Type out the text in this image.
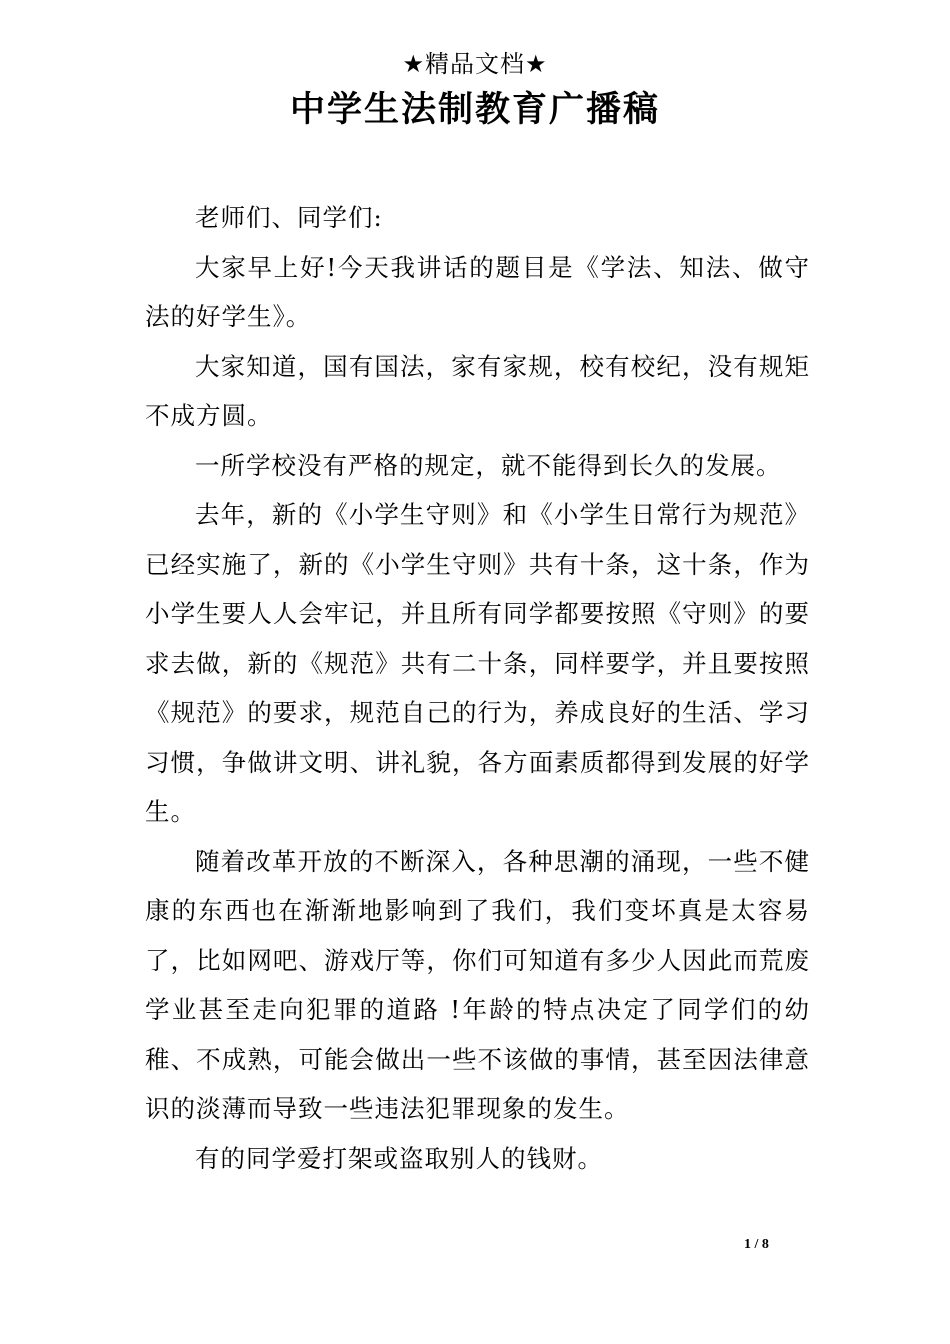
★精品文档★
中学生法制教育广播稿

老师们、同学们:

大家早上好!今天我讲话的题目是《学法、知法、做守法的好学生》。

大家知道，国有国法，家有家规，校有校纪，没有规矩不成方圆。

一所学校没有严格的规定，就不能得到长久的发展。

去年，新的《小学生守则》和《小学生日常行为规范》已经实施了，新的《小学生守则》共有十条，这十条，作为小学生要人人会牢记，并且所有同学都要按照《守则》的要求去做，新的《规范》共有二十条，同样要学，并且要按照《规范》的要求，规范自己的行为，养成良好的生活、学习习惯，争做讲文明、讲礼貌，各方面素质都得到发展的好学生。

随着改革开放的不断深入，各种思潮的涌现，一些不健康的东西也在渐渐地影响到了我们，我们变坏真是太容易了，比如网吧、游戏厅等，你们可知道有多少人因此而荒废学业甚至走向犯罪的道路 !年龄的特点决定了同学们的幼稚、不成熟，可能会做出一些不该做的事情，甚至因法律意识的淡薄而导致一些违法犯罪现象的发生。

有的同学爱打架或盗取别人的钱财。

1 / 8
